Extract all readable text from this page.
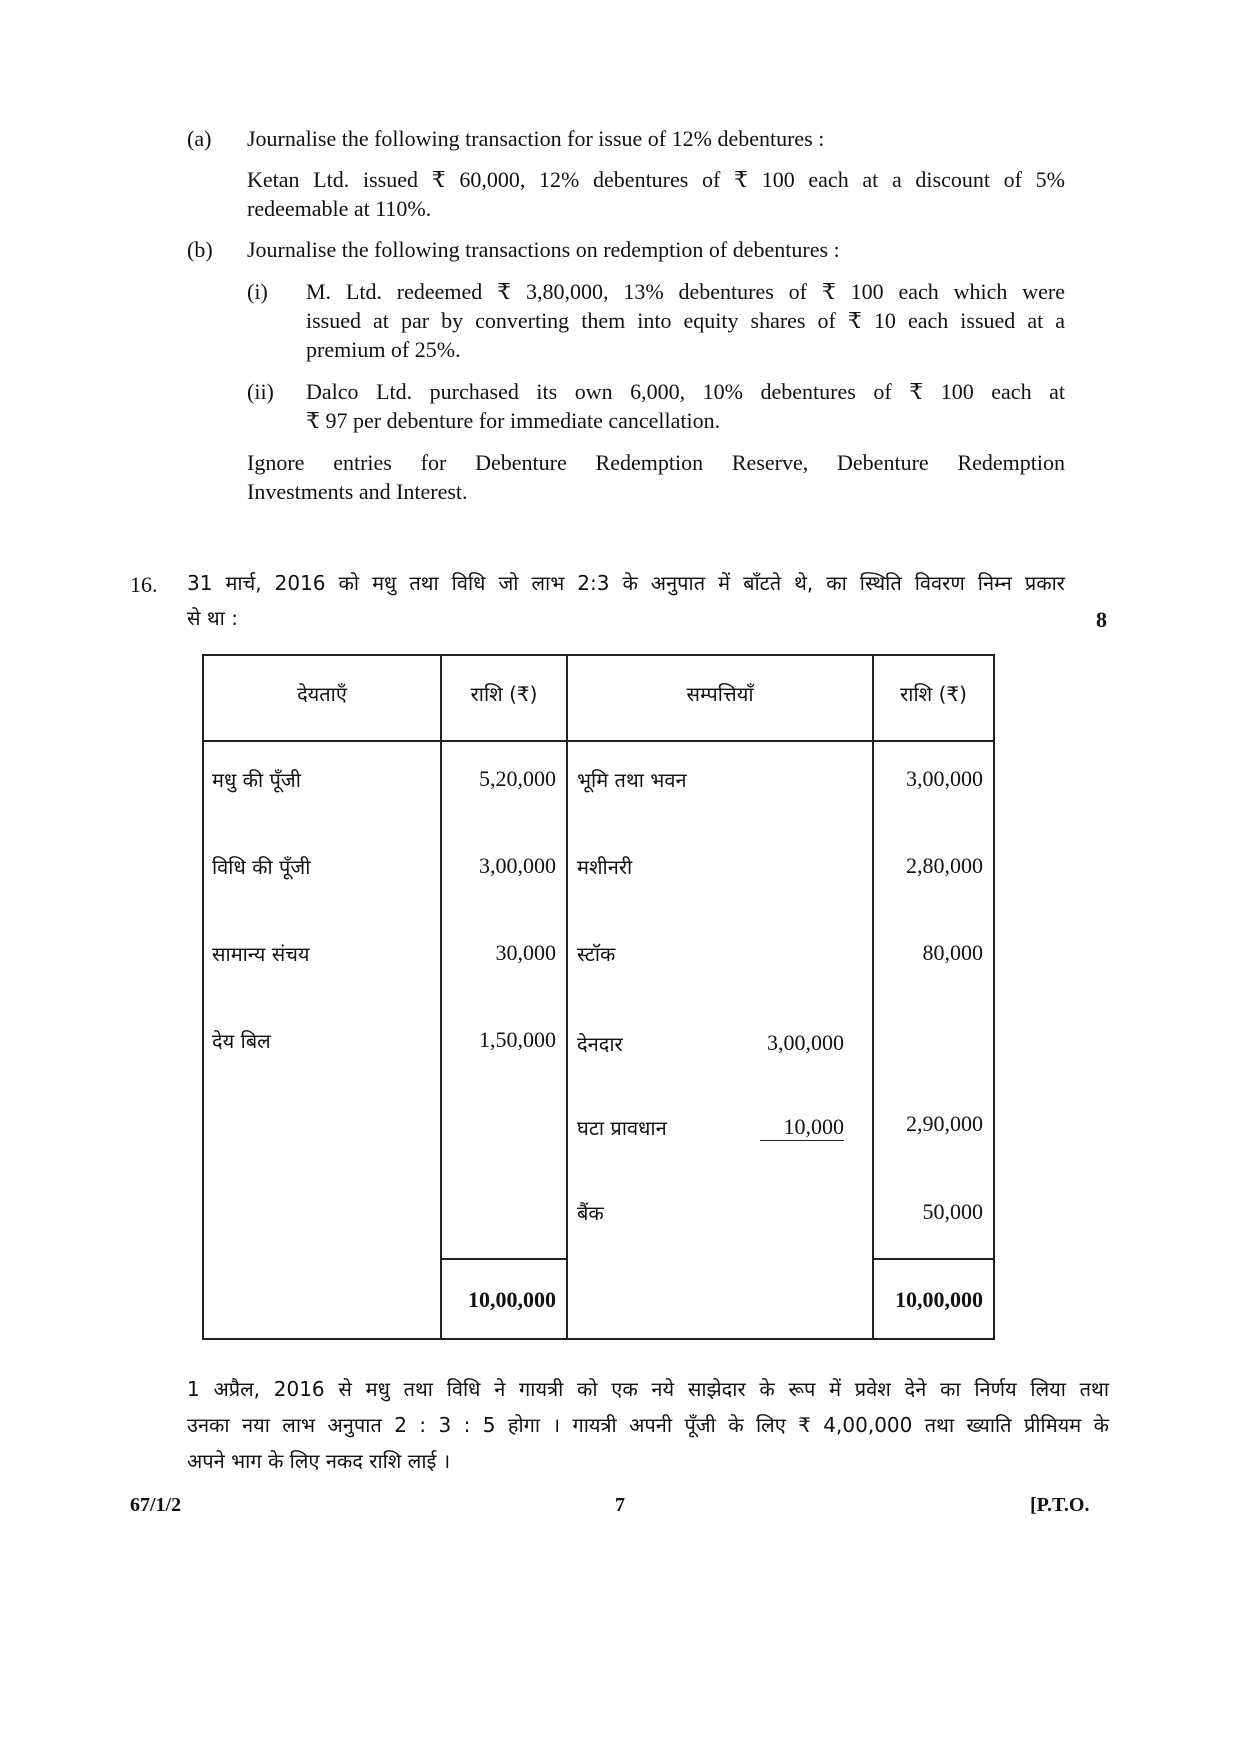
(a) Journalise the following transaction for issue of 12% debentures :
Ketan Ltd. issued ₹ 60,000, 12% debentures of ₹ 100 each at a discount of 5%
redeemable at 110%.
(b) Journalise the following transactions on redemption of debentures :
(i) M. Ltd. redeemed ₹ 3,80,000, 13% debentures of ₹ 100 each which were
issued at par by converting them into equity shares of ₹ 10 each issued at a
premium of 25%.
(ii) Dalco Ltd. purchased its own 6,000, 10% debentures of ₹ 100 each at
₹ 97 per debenture for immediate cancellation.
Ignore entries for Debenture Redemption Reserve, Debenture Redemption
Investments and Interest.
16. 31 मार्च, 2016 को मधु तथा विधि जो लाभ 2:3 के अनुपात में बाँटते थे, का स्थिति विवरण निम्न प्रकार
से था :	8
देयताएँ	राशि (₹)	सम्पत्तियाँ	राशि (₹)
मधु की पूँजी	5,20,000 भूमि तथा भवन	3,00,000
विधि की पूँजी	3,00,000 मशीनरी	2,80,000
सामान्य संचय	30,000 स्टॉक	80,000
देय बिल	1,50,000 देनदार	3,00,000
घटा प्रावधान	10,000	2,90,000
बैंक	50,000
10,00,000	10,00,000
1 अप्रैल, 2016 से मधु तथा विधि ने गायत्री को एक नये साझेदार के रूप में प्रवेश देने का निर्णय लिया तथा
उनका नया लाभ अनुपात 2 : 3 : 5 होगा । गायत्री अपनी पूँजी के लिए ₹ 4,00,000 तथा ख्याति प्रीमियम के
अपने भाग के लिए नकद राशि लाई ।
67/1/2	7	[P.T.O.
